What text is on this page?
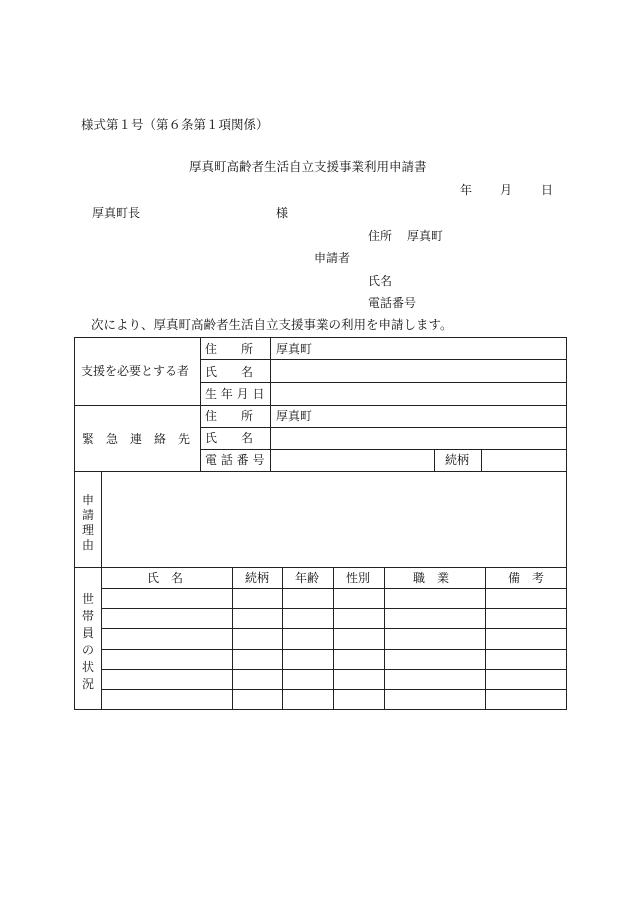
様式第１号（第６条第１項関係）
厚真町高齢者生活自立支援事業利用申請書
年 月 日
厚真町長	様
住所 厚真町
申請者
氏名
電話番号
次により、厚真町高齢者生活自立支援事業の利用を申請します。
支援を必要とする者
住　　所 厚真町
氏　　名
生 年 月 日
緊　急　連　絡　先
住　　所 厚真町
氏　　名
電 話 番 号	続柄
申請理由
世帯員の状況
氏　名	続柄 年齢 性別	職　業	備　考
